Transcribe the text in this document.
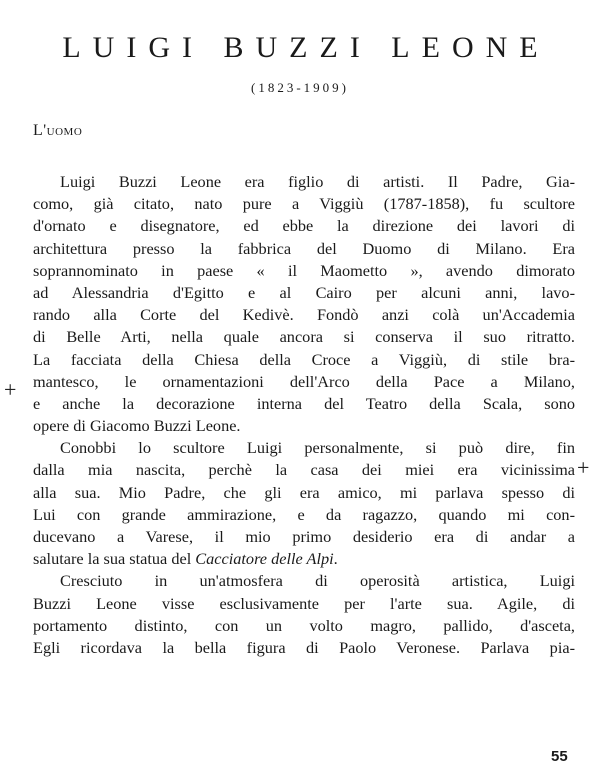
LUIGI BUZZI LEONE
(1823-1909)
L'uomo
Luigi Buzzi Leone era figlio di artisti. Il Padre, Gia-
como, già citato, nato pure a Viggiù (1787-1858), fu scultore
d'ornato e disegnatore, ed ebbe la direzione dei lavori di
architettura presso la fabbrica del Duomo di Milano. Era
soprannominato in paese « il Maometto », avendo dimorato
ad Alessandria d'Egitto e al Cairo per alcuni anni, lavo-
rando alla Corte del Kedivè. Fondò anzi colà un'Accademia
di Belle Arti, nella quale ancora si conserva il suo ritratto.
La facciata della Chiesa della Croce a Viggiù, di stile bra-
mantesco, le ornamentazioni dell'Arco della Pace a Milano,
e anche la decorazione interna del Teatro della Scala, sono
opere di Giacomo Buzzi Leone.
Conobbi lo scultore Luigi personalmente, si può dire, fin
dalla mia nascita, perchè la casa dei miei era vicinissima
alla sua. Mio Padre, che gli era amico, mi parlava spesso di
Lui con grande ammirazione, e da ragazzo, quando mi con-
ducevano a Varese, il mio primo desiderio era di andar a
salutare la sua statua del Cacciatore delle Alpi.
Cresciuto in un'atmosfera di operosità artistica, Luigi
Buzzi Leone visse esclusivamente per l'arte sua. Agile, di
portamento distinto, con un volto magro, pallido, d'asceta,
Egli ricordava la bella figura di Paolo Veronese. Parlava pia-
+
+
55
